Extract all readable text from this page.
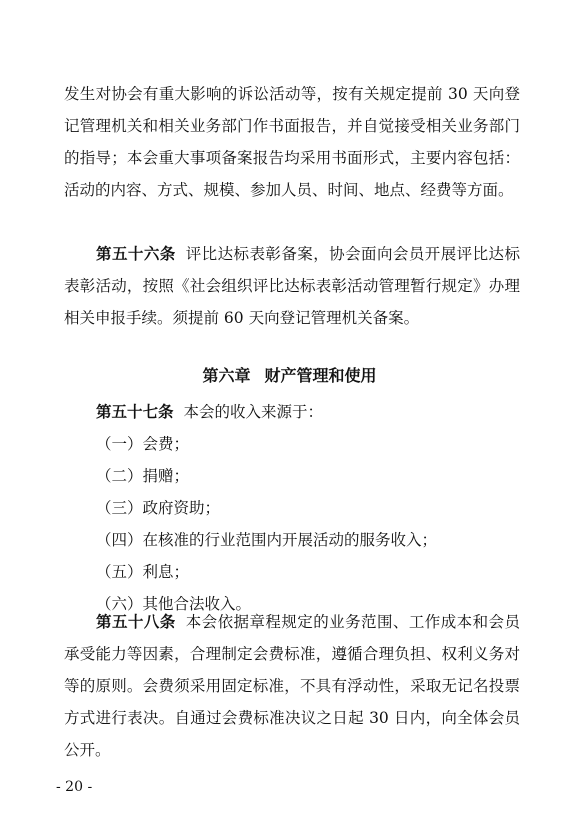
发生对协会有重大影响的诉讼活动等，按有关规定提前 30 天向登记管理机关和相关业务部门作书面报告，并自觉接受相关业务部门的指导；本会重大事项备案报告均采用书面形式，主要内容包括：活动的内容、方式、规模、参加人员、时间、地点、经费等方面。

第五十六条 评比达标表彰备案，协会面向会员开展评比达标表彰活动，按照《社会组织评比达标表彰活动管理暂行规定》办理相关申报手续。须提前 60 天向登记管理机关备案。

第六章 财产管理和使用

第五十七条 本会的收入来源于：

（一）会费；

（二）捐赠；

（三）政府资助；

（四）在核准的行业范围内开展活动的服务收入；

（五）利息；

（六）其他合法收入。

第五十八条 本会依据章程规定的业务范围、工作成本和会员承受能力等因素，合理制定会费标准，遵循合理负担、权利义务对等的原则。会费须采用固定标准，不具有浮动性，采取无记名投票方式进行表决。自通过会费标准决议之日起 30 日内，向全体会员公开。

- 20 -
